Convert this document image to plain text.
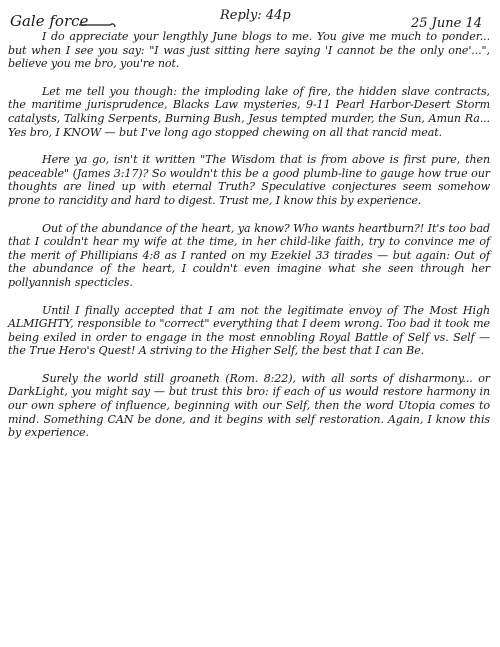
Gale force	Reply: 44p
25 June 14

I do appreciate your lengthly June blogs to me. You give me much to ponder... but when I see you say: "I was just sitting here saying 'I cannot be the only one'...", believe you me bro, you're not.

Let me tell you though: the imploding lake of fire, the hidden slave contracts, the maritime jurisprudence, Blacks Law mysteries, 9-11 Pearl Harbor-Desert Storm catalysts, Talking Serpents, Burning Bush, Jesus tempted murder, the Sun, Amun Ra... Yes bro, I KNOW — but I've long ago stopped chewing on all that rancid meat.

Here ya go, isn't it written "The Wisdom that is from above is first pure, then peaceable" (James 3:17)? So wouldn't this be a good plumb-line to gauge how true our thoughts are lined up with eternal Truth? Speculative conjectures seem somehow prone to rancidity and hard to digest. Trust me, I know this by experience.

Out of the abundance of the heart, ya know? Who wants heartburn?! It's too bad that I couldn't hear my wife at the time, in her child-like faith, try to convince me of the merit of Phillipians 4:8 as I ranted on my Ezekiel 33 tirades — but again: Out of the abundance of the heart, I couldn't even imagine what she seen through her pollyannish specticles.

Until I finally accepted that I am not the legitimate envoy of The Most High ALMIGHTY, responsible to "correct" everything that I deem wrong. Too bad it took me being exiled in order to engage in the most ennobling Royal Battle of Self vs. Self — the True Hero's Quest! A striving to the Higher Self, the best that I can Be.

Surely the world still groaneth (Rom. 8:22), with all sorts of disharmony... or DarkLight, you might say — but trust this bro: if each of us would restore harmony in our own sphere of influence, beginning with our Self, then the word Utopia comes to mind. Something CAN be done, and it begins with self restoration. Again, I know this by experience.
